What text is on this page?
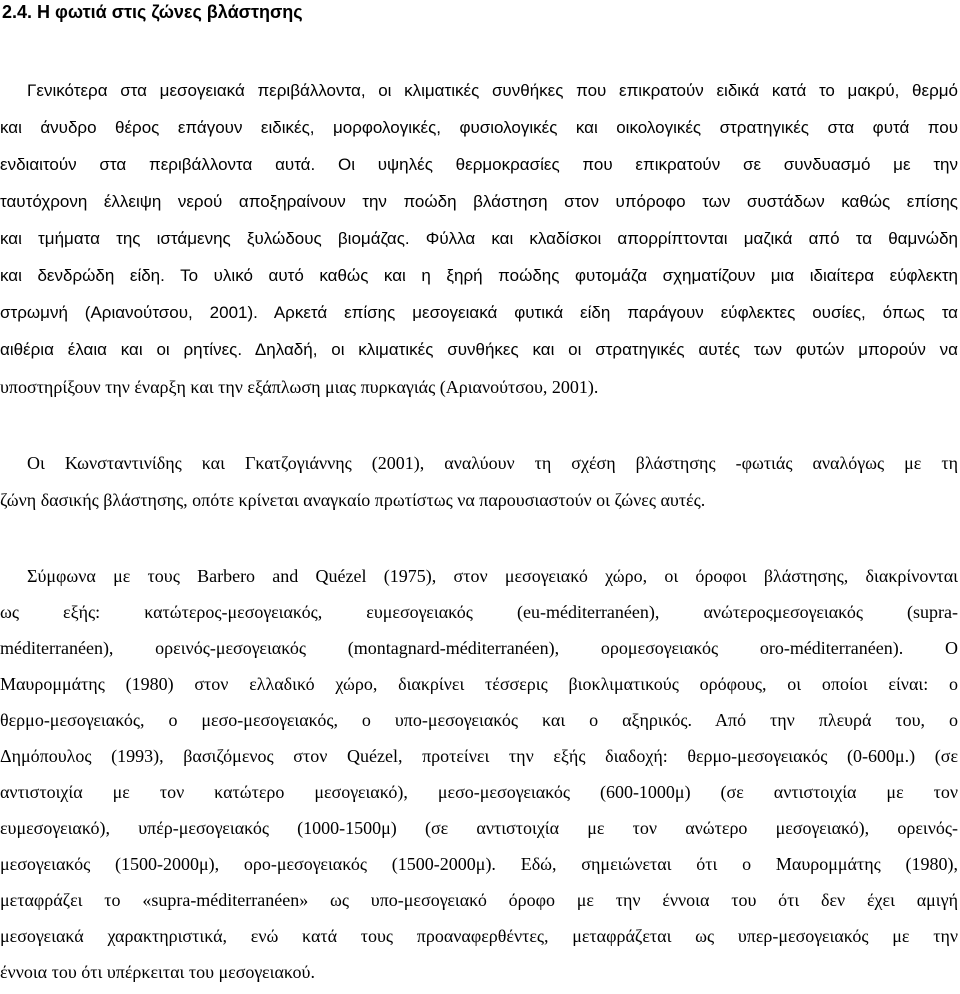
2.4. Η φωτιά στις ζώνες βλάστησης
Γενικότερα στα μεσογειακά περιβάλλοντα, οι κλιματικές συνθήκες που επικρατούν ειδικά κατά το μακρύ, θερμό
και άνυδρο θέρος επάγουν ειδικές, μορφολογικές, φυσιολογικές και οικολογικές στρατηγικές στα φυτά που
ενδιαιτούν στα περιβάλλοντα αυτά. Οι υψηλές θερμοκρασίες που επικρατούν σε συνδυασμό με την
ταυτόχρονη έλλειψη νερού αποξηραίνουν την ποώδη βλάστηση στον υπόροφο των συστάδων καθώς επίσης
και τμήματα της ιστάμενης ξυλώδους βιομάζας. Φύλλα και κλαδίσκοι απορρίπτονται μαζικά από τα θαμνώδη
και δενδρώδη είδη. Το υλικό αυτό καθώς και η ξηρή ποώδης φυτομάζα σχηματίζουν μια ιδιαίτερα εύφλεκτη
στρωμνή (Αριανούτσου, 2001). Αρκετά επίσης μεσογειακά φυτικά είδη παράγουν εύφλεκτες ουσίες, όπως τα
αιθέρια έλαια και οι ρητίνες. Δηλαδή, οι κλιματικές συνθήκες και οι στρατηγικές αυτές των φυτών μπορούν να
υποστηρίξουν την έναρξη και την εξάπλωση μιας πυρκαγιάς (Αριανούτσου, 2001).
Οι Κωνσταντινίδης και Γκατζογιάννης (2001), αναλύουν τη σχέση βλάστησης -φωτιάς αναλόγως με τη
ζώνη δασικής βλάστησης, οπότε κρίνεται αναγκαίο πρωτίστως να παρουσιαστούν οι ζώνες αυτές.
Σύμφωνα με τους Barbero and Quézel (1975), στον μεσογειακό χώρο, οι όροφοι βλάστησης, διακρίνονται
ως εξής: κατώτερος-μεσογειακός, ευμεσογειακός (eu-méditerranéen), ανώτεροςμεσογειακός (supra-
méditerranéen), ορεινός-μεσογειακός (montagnard-méditerranéen), ορομεσογειακός oro-méditerranéen). Ο
Μαυρομμάτης (1980) στον ελλαδικό χώρο, διακρίνει τέσσερις βιοκλιματικούς ορόφους, οι οποίοι είναι: ο
θερμο-μεσογειακός, ο μεσο-μεσογειακός, ο υπο-μεσογειακός και ο αξηρικός. Από την πλευρά του, ο
Δημόπουλος (1993), βασιζόμενος στον Quézel, προτείνει την εξής διαδοχή: θερμο-μεσογειακός (0-600μ.) (σε
αντιστοιχία με τον κατώτερο μεσογειακό), μεσο-μεσογειακός (600-1000μ) (σε αντιστοιχία με τον
ευμεσογειακό), υπέρ-μεσογειακός (1000-1500μ) (σε αντιστοιχία με τον ανώτερο μεσογειακό), ορεινός-
μεσογειακός (1500-2000μ), ορο-μεσογειακός (1500-2000μ). Εδώ, σημειώνεται ότι ο Μαυρομμάτης (1980),
μεταφράζει το «supra-méditerranéen» ως υπο-μεσογειακό όροφο με την έννοια του ότι δεν έχει αμιγή
μεσογειακά χαρακτηριστικά, ενώ κατά τους προαναφερθέντες, μεταφράζεται ως υπερ-μεσογειακός με την
έννοια του ότι υπέρκειται του μεσογειακού.
